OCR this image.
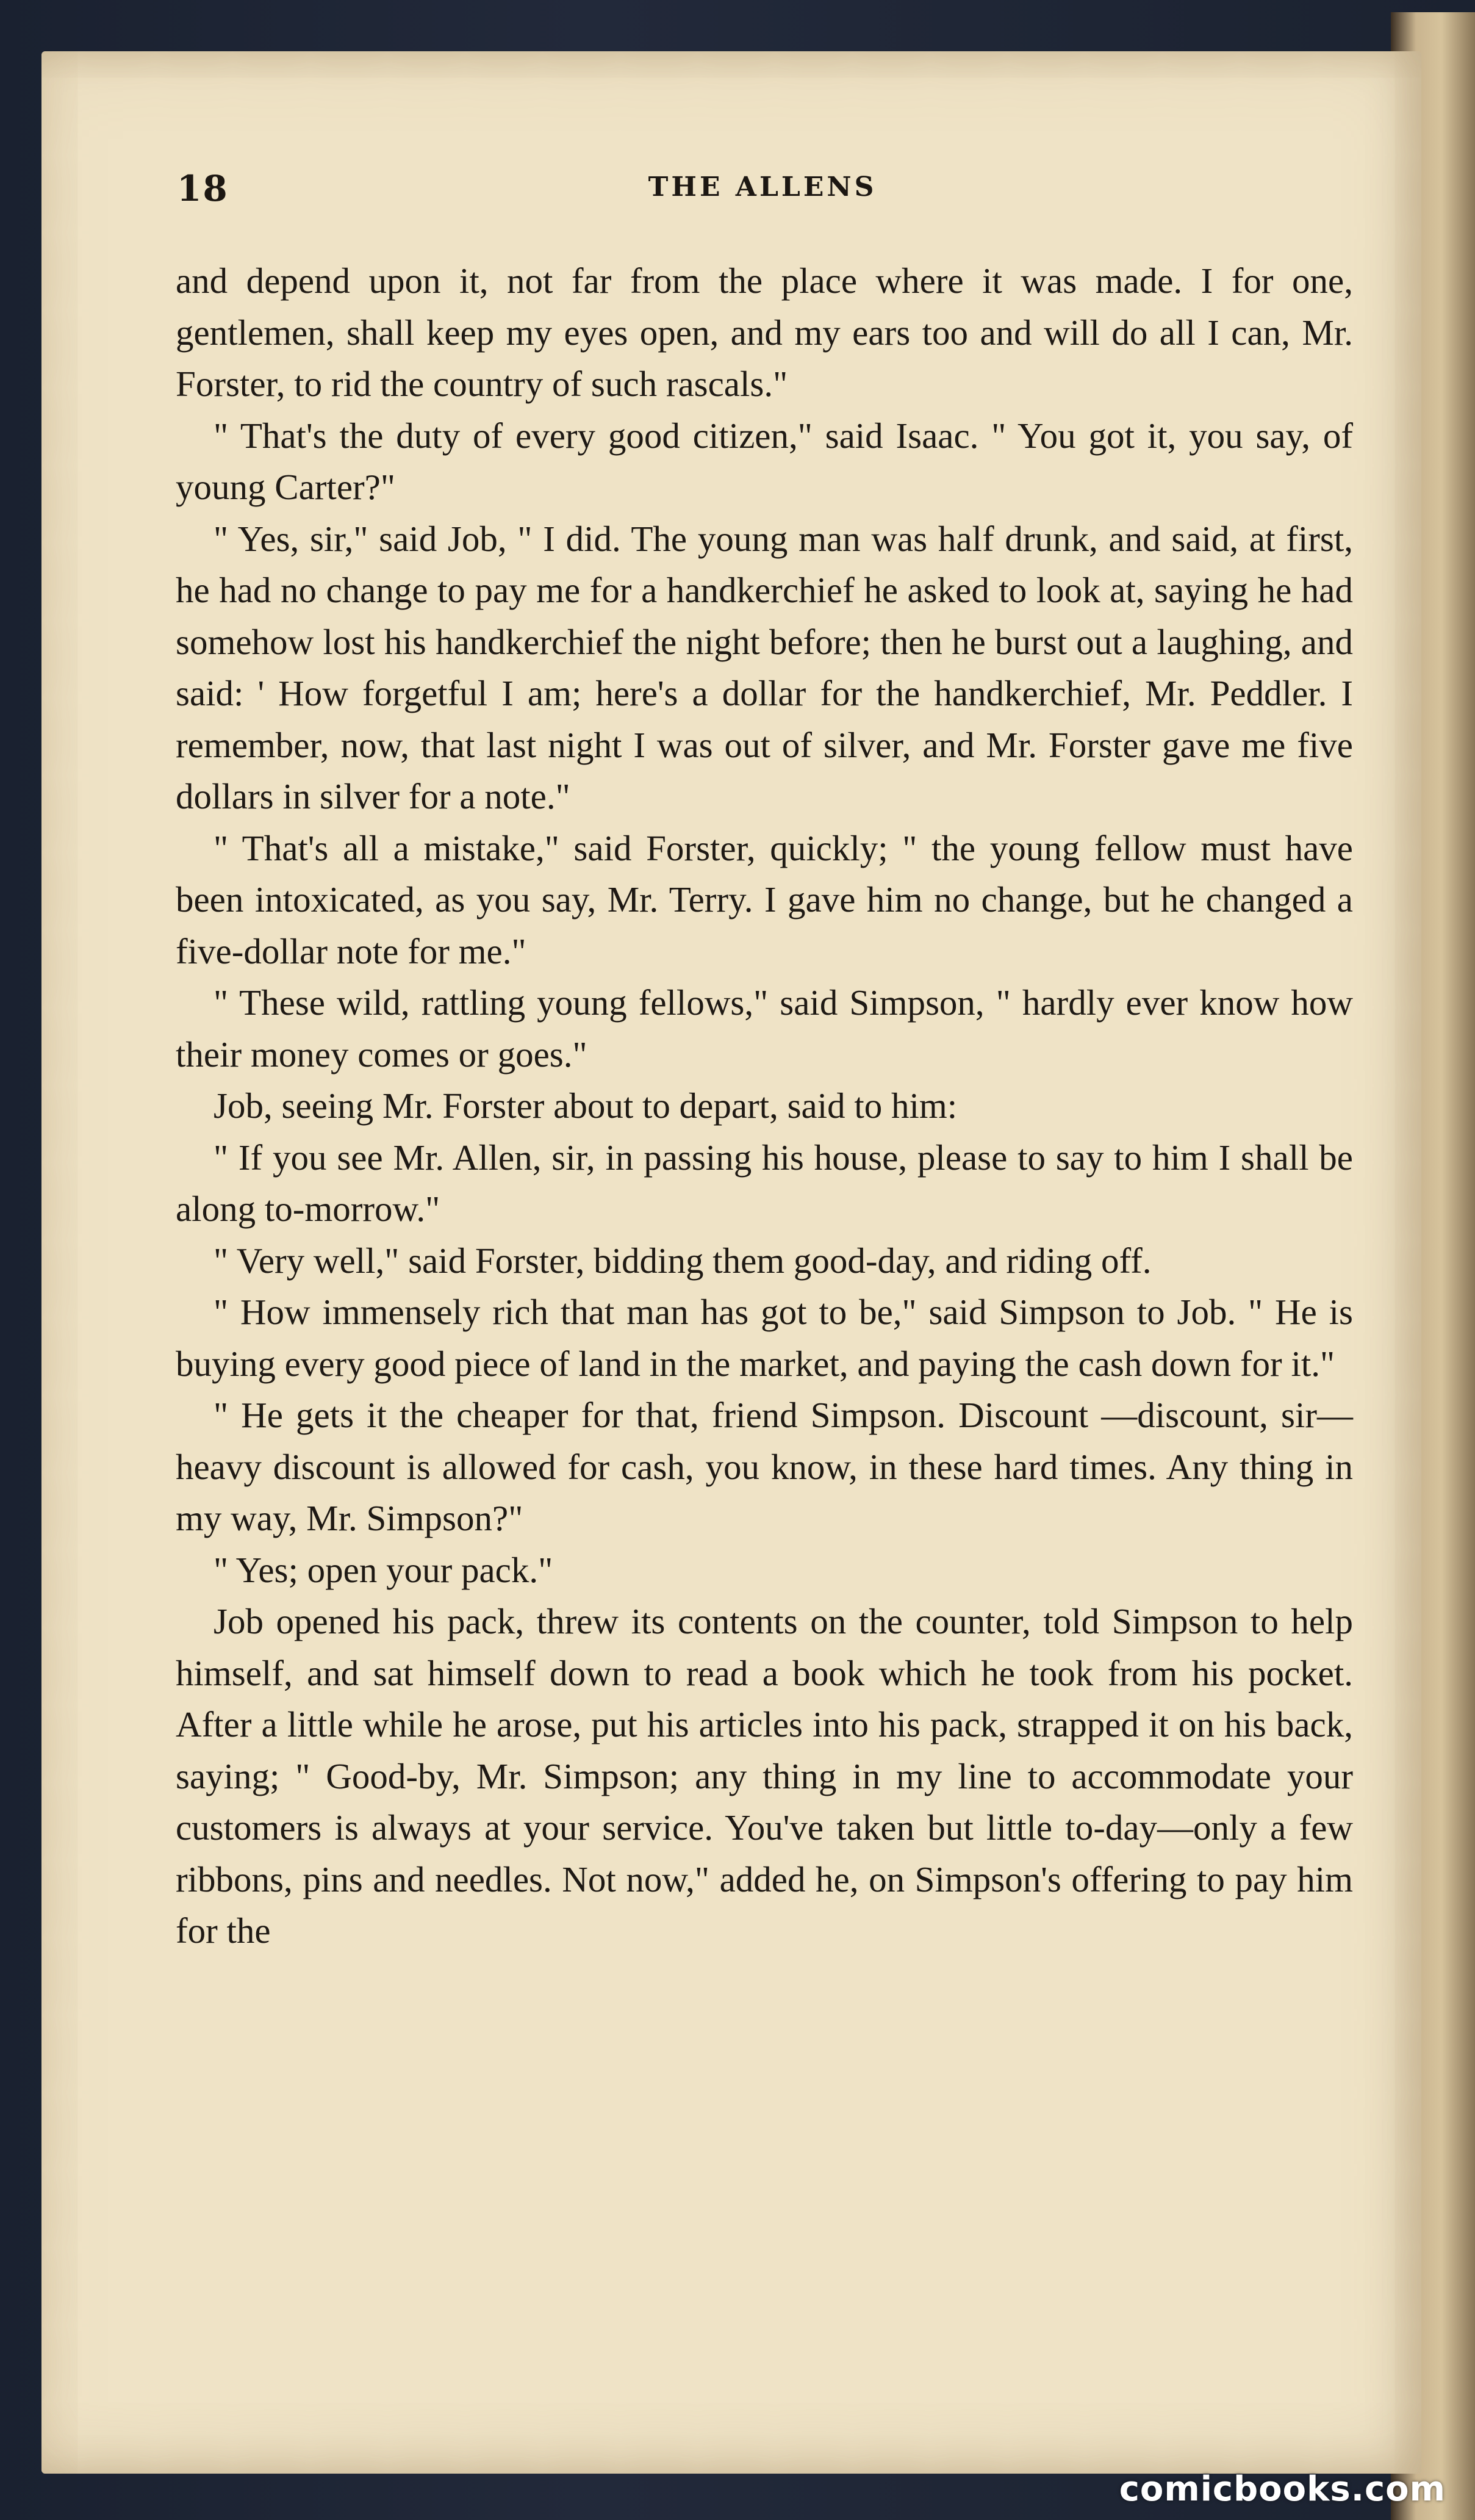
18	THE ALLENS

and depend upon it, not far from the place where it was made. I for one, gentlemen, shall keep my eyes open, and my ears too and will do all I can, Mr. Forster, to rid the country of such rascals."

" That's the duty of every good citizen," said Isaac. " You got it, you say, of young Carter?"

" Yes, sir," said Job, " I did. The young man was half drunk, and said, at first, he had no change to pay me for a handkerchief he asked to look at, saying he had somehow lost his handkerchief the night before; then he burst out a laughing, and said: ' How forgetful I am; here's a dollar for the handkerchief, Mr. Peddler. I remember, now, that last night I was out of silver, and Mr. Forster gave me five dollars in silver for a note."

" That's all a mistake," said Forster, quickly; " the young fellow must have been intoxicated, as you say, Mr. Terry. I gave him no change, but he changed a five-dollar note for me."

" These wild, rattling young fellows," said Simpson, " hardly ever know how their money comes or goes."

Job, seeing Mr. Forster about to depart, said to him:

" If you see Mr. Allen, sir, in passing his house, please to say to him I shall be along to-morrow."

" Very well," said Forster, bidding them good-day, and riding off.

" How immensely rich that man has got to be," said Simpson to Job. " He is buying every good piece of land in the market, and paying the cash down for it."

" He gets it the cheaper for that, friend Simpson. Discount —discount, sir—heavy discount is allowed for cash, you know, in these hard times. Any thing in my way, Mr. Simpson?"

" Yes; open your pack."

Job opened his pack, threw its contents on the counter, told Simpson to help himself, and sat himself down to read a book which he took from his pocket. After a little while he arose, put his articles into his pack, strapped it on his back, saying; " Good-by, Mr. Simpson; any thing in my line to accommodate your customers is always at your service. You've taken but little to-day—only a few ribbons, pins and needles. Not now," added he, on Simpson's offering to pay him for the

comicbooks.com
